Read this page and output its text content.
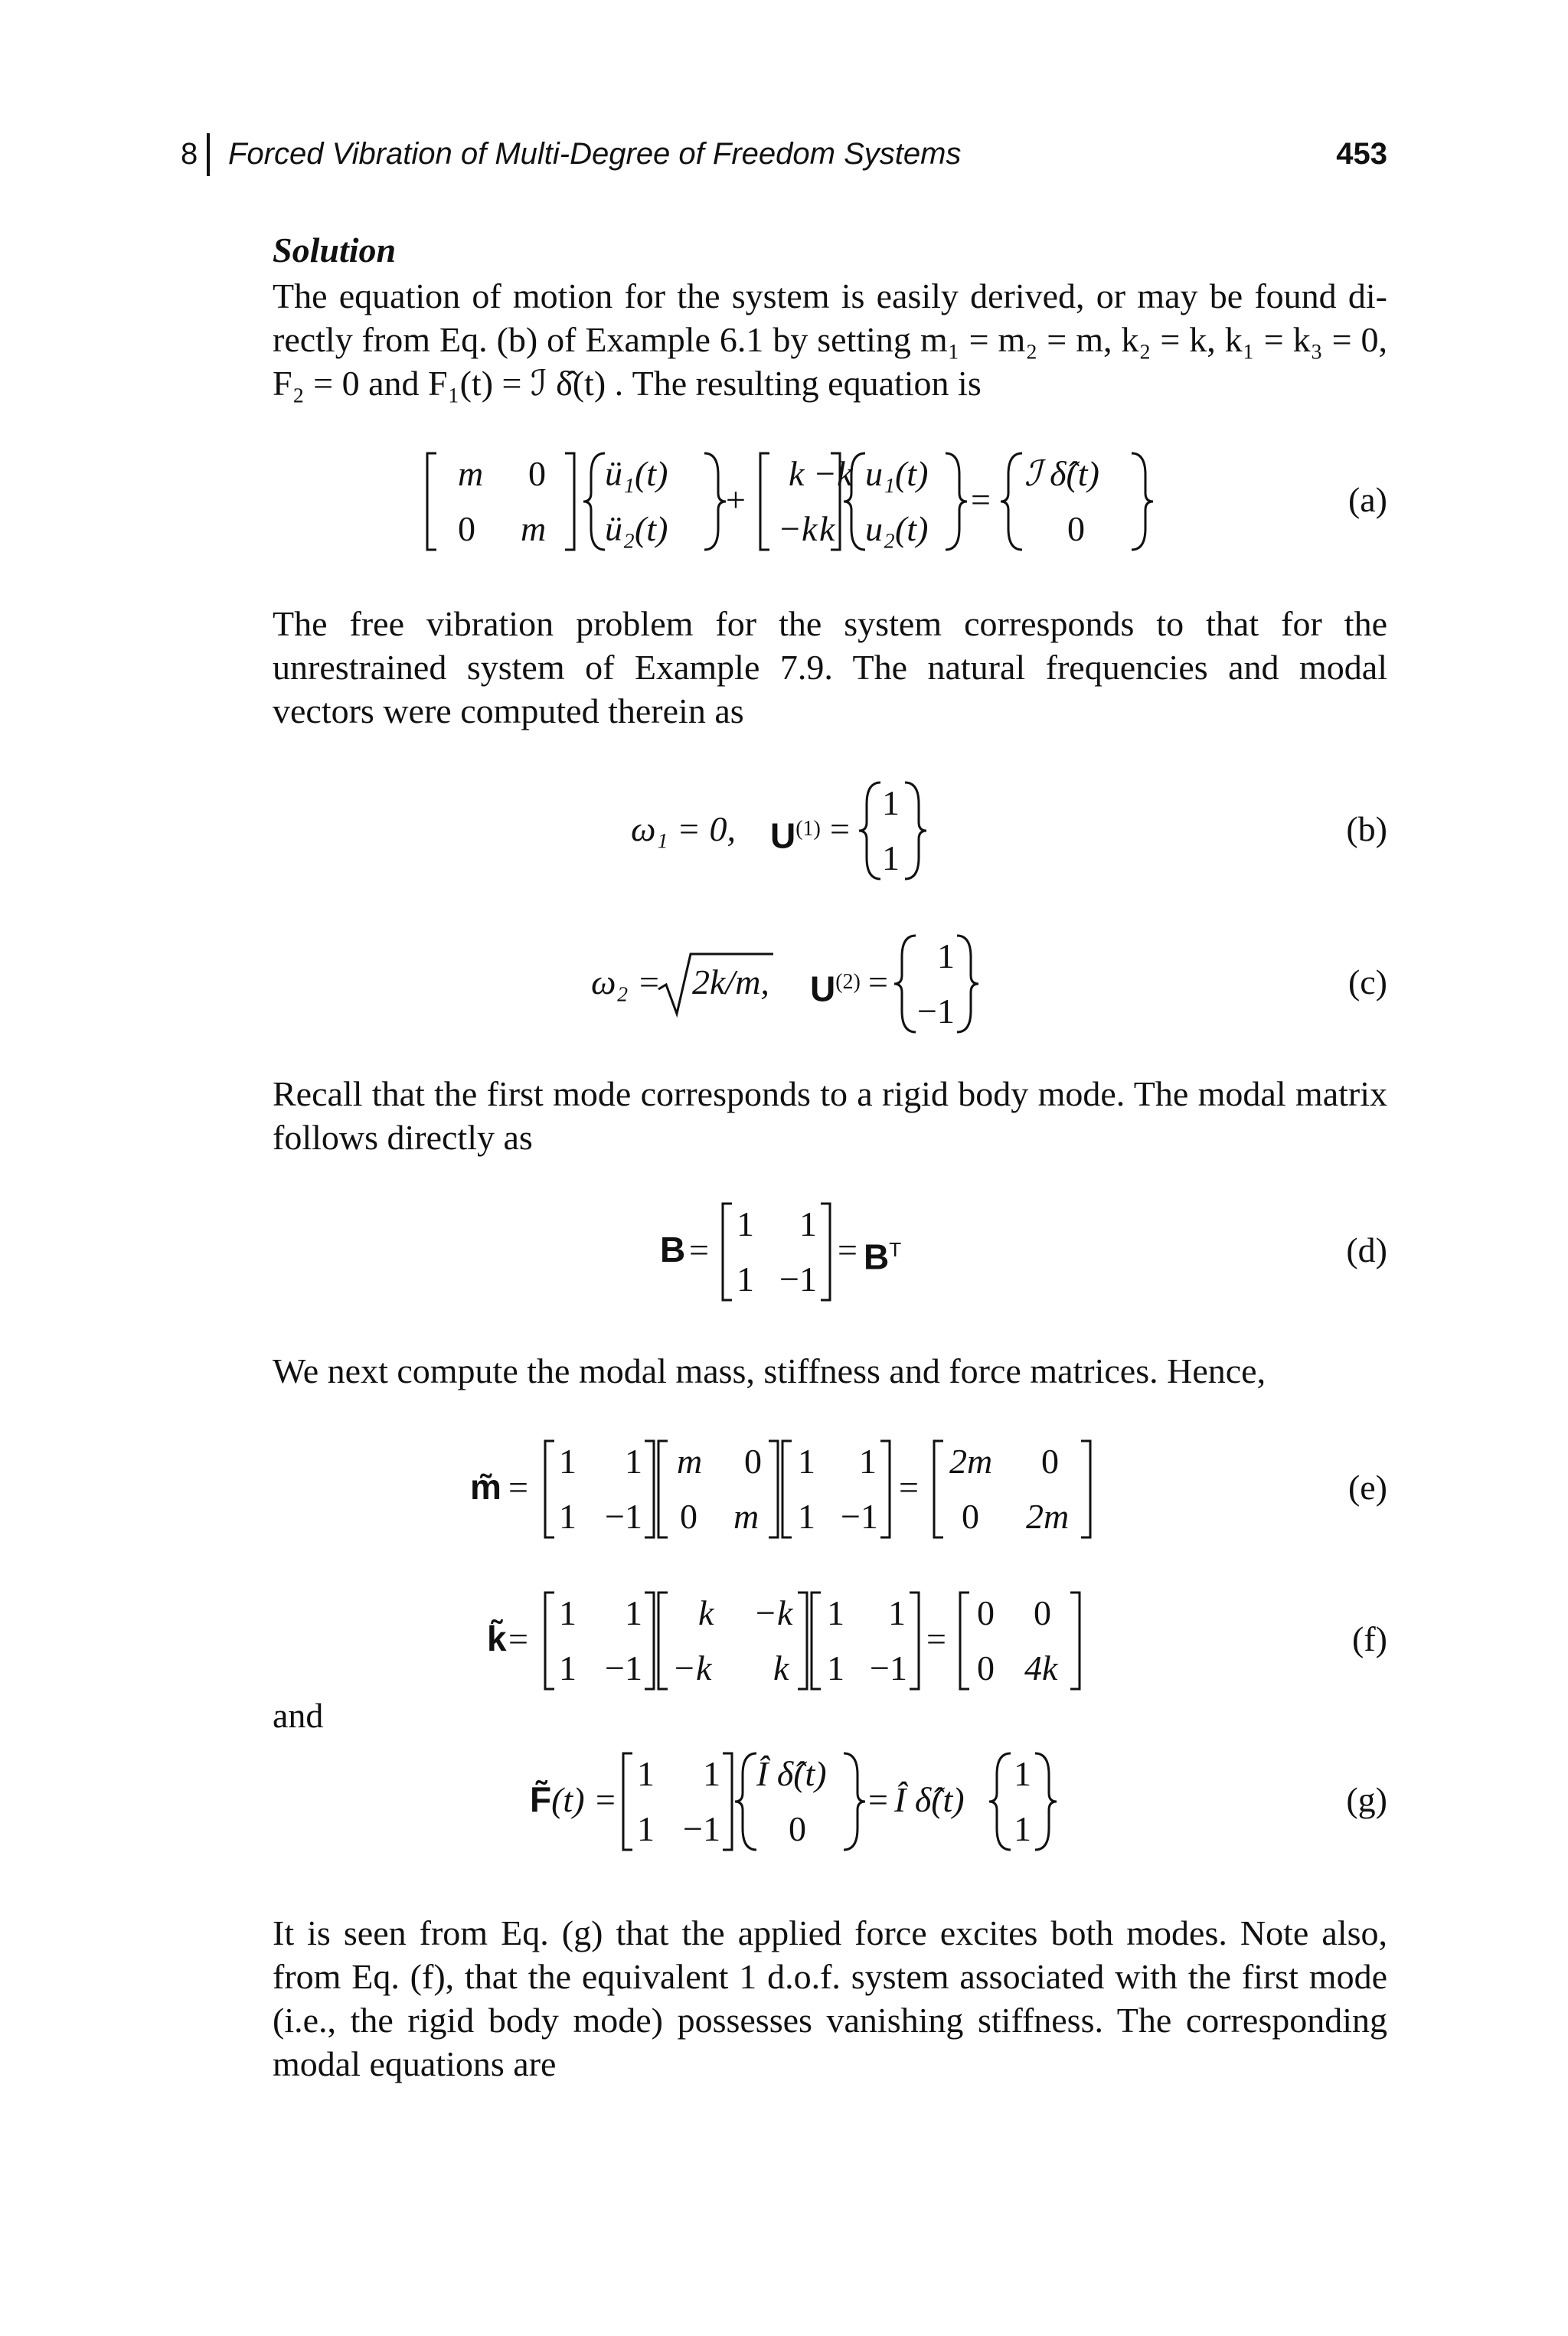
8 Forced Vibration of Multi-Degree of Freedom Systems	453
Solution
The equation of motion for the system is easily derived, or may be found di-
rectly from Eq. (b) of Example 6.1 by setting m₁ = m₂ = m, k₂ = k, k₁ = k₃ = 0,
F₂ = 0 and F₁(t) = ℐ δ̂(t) . The resulting equation is
m 0
0 m
ü₁(t)
ü₂(t)
+
k
−k
−k
k
u₁(t)
u₂(t)
=
ℐ δ̂(t)
0
(a)

The free vibration problem for the system corresponds to that for the unrestrained system of Example 7.9. The natural frequencies and modal vectors were computed therein as

ω₁ = 0, $U^{(1)}$ =
1
1
(b)
ω₂ = 2k/m, $U^{(2)}$ =
1
−1
(c)

Recall that the first mode corresponds to a rigid body mode. The modal matrix follows directly as

B =
1 1
1 −1
= $B^T$	(d)

We next compute the modal mass, stiffness and force matrices. Hence,

m̃ =
1 1
1 −1
m 0
0 m
1 1
1 −1
=
2m 0
0 2m
(e)
k̃ =
1 1
1 −1
k −k
−k k
1 1
1 −1
=
0 0
0 4k
(f)
and
F̃(t) =
1 1
1 −1
Î δ̂(t)
0
= Î δ̂(t)
1
1
(g)

It is seen from Eq. (g) that the applied force excites both modes. Note also, from Eq. (f), that the equivalent 1 d.o.f. system associated with the first mode (i.e., the rigid body mode) possesses vanishing stiffness. The corresponding modal equations are
